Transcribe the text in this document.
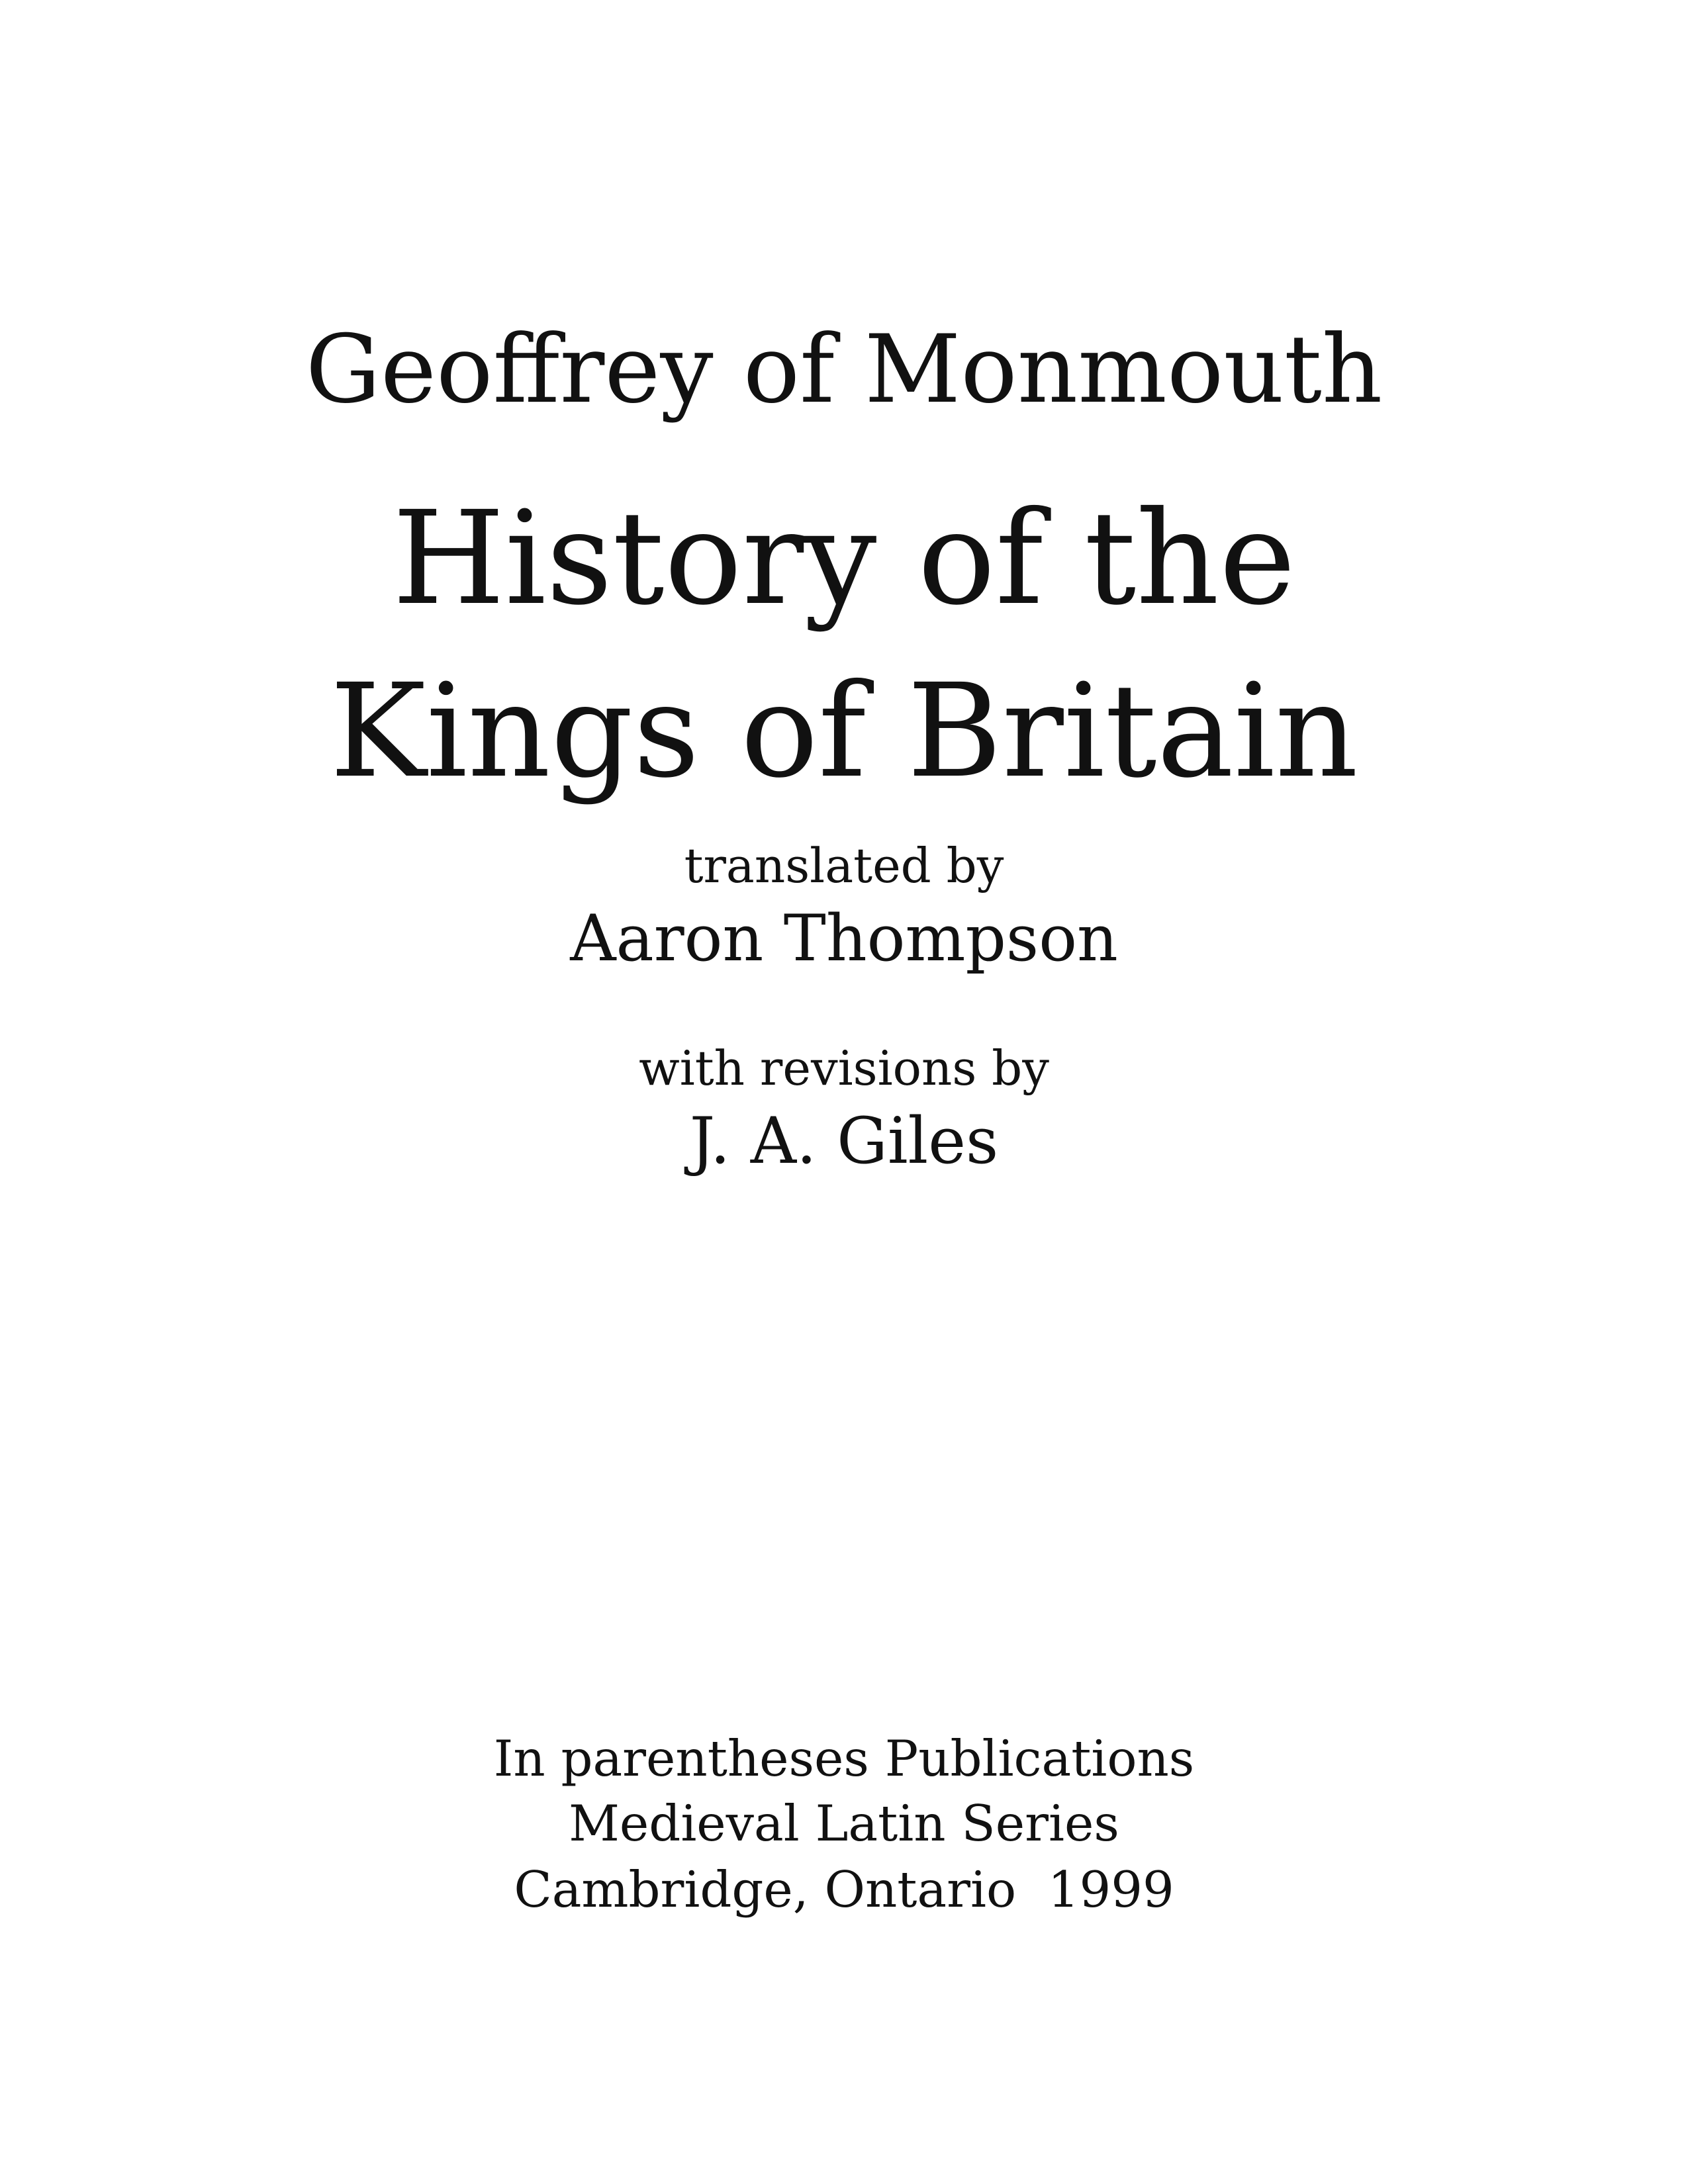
Geoffrey of Monmouth
History of the
Kings of Britain
translated by
Aaron Thompson
with revisions by
J. A. Giles
In parentheses Publications
Medieval Latin Series
Cambridge, Ontario  1999
